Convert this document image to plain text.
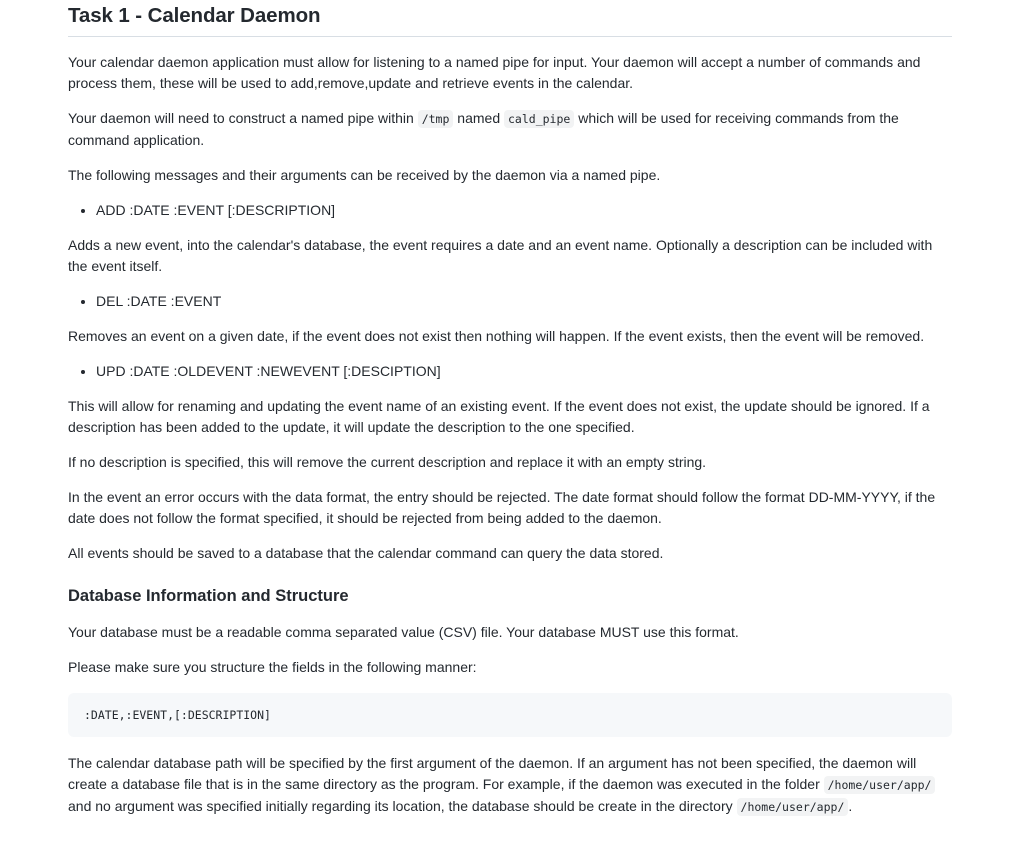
Task 1 - Calendar Daemon

Your calendar daemon application must allow for listening to a named pipe for input. Your daemon will accept a number of commands and process them, these will be used to add,remove,update and retrieve events in the calendar.

Your daemon will need to construct a named pipe within /tmp named cald_pipe which will be used for receiving commands from the command application.

The following messages and their arguments can be received by the daemon via a named pipe.

• ADD :DATE :EVENT [:DESCRIPTION]

Adds a new event, into the calendar's database, the event requires a date and an event name. Optionally a description can be included with the event itself.

• DEL :DATE :EVENT

Removes an event on a given date, if the event does not exist then nothing will happen. If the event exists, then the event will be removed.

• UPD :DATE :OLDEVENT :NEWEVENT [:DESCIPTION]

This will allow for renaming and updating the event name of an existing event. If the event does not exist, the update should be ignored. If a description has been added to the update, it will update the description to the one specified.

If no description is specified, this will remove the current description and replace it with an empty string.

In the event an error occurs with the data format, the entry should be rejected. The date format should follow the format DD-MM-YYYY, if the date does not follow the format specified, it should be rejected from being added to the daemon.

All events should be saved to a database that the calendar command can query the data stored.

Database Information and Structure

Your database must be a readable comma separated value (CSV) file. Your database MUST use this format.

Please make sure you structure the fields in the following manner:

:DATE,:EVENT,[:DESCRIPTION]

The calendar database path will be specified by the first argument of the daemon. If an argument has not been specified, the daemon will create a database file that is in the same directory as the program. For example, if the daemon was executed in the folder /home/user/app/ and no argument was specified initially regarding its location, the database should be create in the directory /home/user/app/ .
